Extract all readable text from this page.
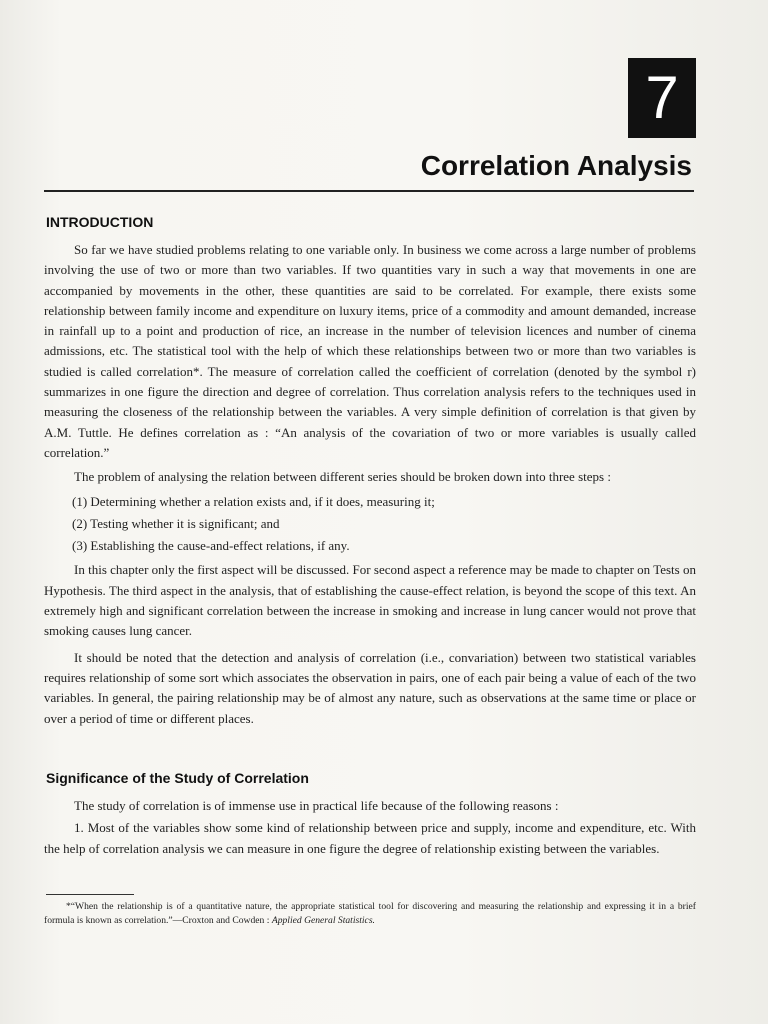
7
Correlation Analysis
INTRODUCTION

So far we have studied problems relating to one variable only. In business we come across a large number of problems involving the use of two or more than two variables. If two quantities vary in such a way that movements in one are accompanied by movements in the other, these quantities are said to be correlated. For example, there exists some relationship between family income and expenditure on luxury items, price of a commodity and amount demanded, increase in rainfall up to a point and production of rice, an increase in the number of television licences and number of cinema admissions, etc. The statistical tool with the help of which these relationships between two or more than two variables is studied is called correlation*. The measure of correlation called the coefficient of correlation (denoted by the symbol r) summarizes in one figure the direction and degree of correlation. Thus correlation analysis refers to the techniques used in measuring the closeness of the relationship between the variables. A very simple definition of correlation is that given by A.M. Tuttle. He defines correlation as : “An analysis of the covariation of two or more variables is usually called correlation.”

The problem of analysing the relation between different series should be broken down into three steps :

(1) Determining whether a relation exists and, if it does, measuring it;

(2) Testing whether it is significant; and

(3) Establishing the cause-and-effect relations, if any.

In this chapter only the first aspect will be discussed. For second aspect a reference may be made to chapter on Tests on Hypothesis. The third aspect in the analysis, that of establishing the cause-effect relation, is beyond the scope of this text. An extremely high and significant correlation between the increase in smoking and increase in lung cancer would not prove that smoking causes lung cancer.

It should be noted that the detection and analysis of correlation (i.e., convariation) between two statistical variables requires relationship of some sort which associates the observation in pairs, one of each pair being a value of each of the two variables. In general, the pairing relationship may be of almost any nature, such as observations at the same time or place or over a period of time or different places.

Significance of the Study of Correlation

The study of correlation is of immense use in practical life because of the following reasons :

1. Most of the variables show some kind of relationship between price and supply, income and expenditure, etc. With the help of correlation analysis we can measure in one figure the degree of relationship existing between the variables.

*“When the relationship is of a quantitative nature, the appropriate statistical tool for discovering and measuring the relationship and expressing it in a brief formula is known as correlation.”—Croxton and Cowden : Applied General Statistics.
